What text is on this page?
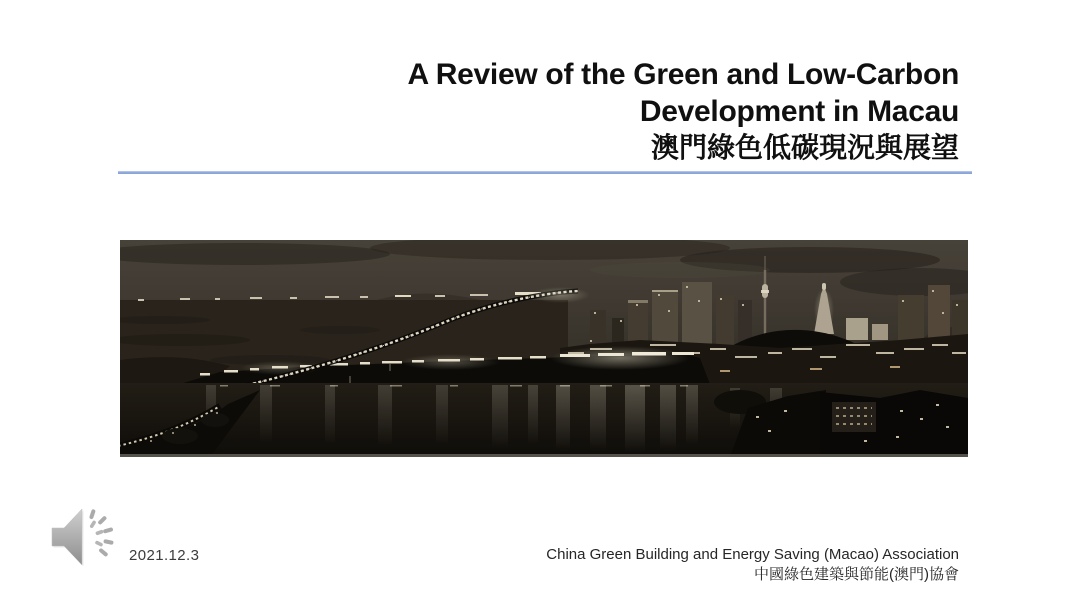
A Review of the Green and Low-Carbon
Development in Macau
澳門綠色低碳現況與展望
2021.12.3	China Green Building and Energy Saving (Macao) Association
中國綠色建築與節能(澳門)協會
